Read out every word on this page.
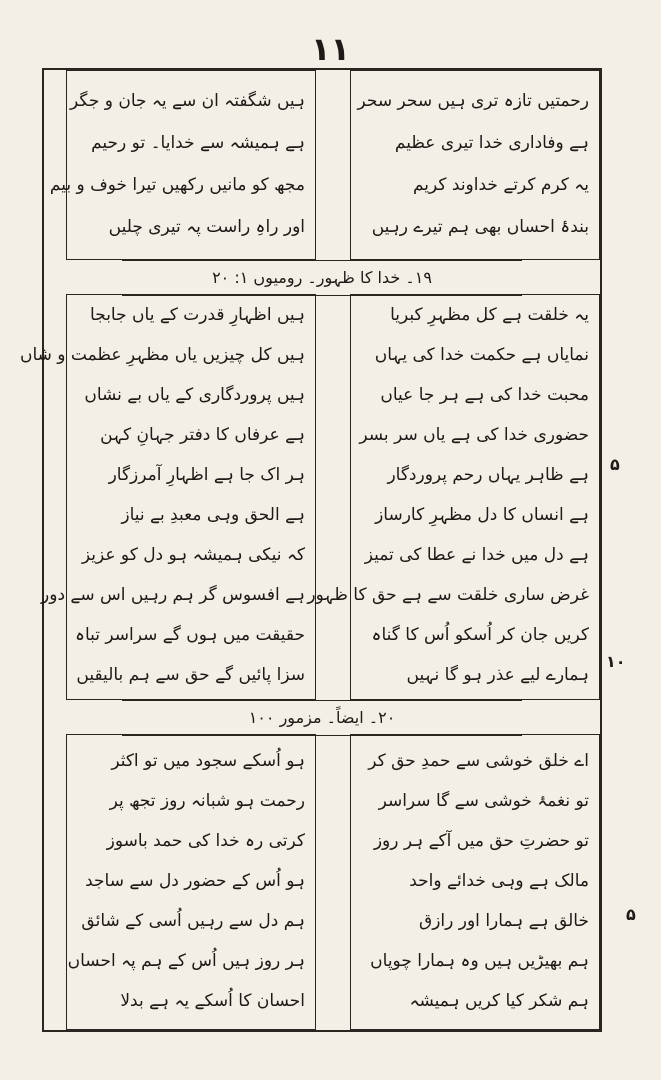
۱۱
رحمتیں تازہ تری ہیں سحر سحر
ہے وفاداری خدا تیری عظیم
یہ کرم کرتے خداوند کریم
بندۂ احساں بھی ہم تیرے رہیں
ہیں شگفتہ ان سے یہ جان و جگر
ہے ہمیشہ سے خدایا۔ تو رحیم
مجھ کو مانیں رکھیں تیرا خوف و بیم
اور راہِ راست پہ تیری چلیں
۱۹۔ خدا کا ظہور۔ رومیوں ۱: ۲۰
یہ خلقت ہے کل مظہرِ کبریا
نمایاں ہے حکمت خدا کی یہاں
محبت خدا کی ہے ہر جا عیاں
حضوری خدا کی ہے یاں سر بسر
ہے ظاہر یہاں رحم پروردگار
ہے انساں کا دل مظہرِ کارساز
ہے دل میں خدا نے عطا کی تمیز
غرض ساری خلقت سے ہے حق کا ظہور
کریں جان کر اُسکو اُس کا گناہ
ہمارے لیے عذر ہو گا نہیں
ہیں اظہارِ قدرت کے یاں جابجا
ہیں کل چیزیں یاں مظہرِ عظمت و شاں
ہیں پروردگاری کے یاں بے نشاں
ہے عرفاں کا دفتر جہانِ کہن
ہر اک جا ہے اظہارِ آمرزگار
ہے الحق وہی معبدِ بے نیاز
کہ نیکی ہمیشہ ہو دل کو عزیز
ہے افسوس گر ہم رہیں اس سے دور
حقیقت میں ہوں گے سراسر تباہ
سزا پائیں گے حق سے ہم بالیقیں
۲۰۔ ایضاً۔ مزمور ۱۰۰
اے خلق خوشی سے حمدِ حق کر
تو نغمۂ خوشی سے گا سراسر
تو حضرتِ حق میں آکے ہر روز
مالک ہے وہی خدائے واحد
خالق ہے ہمارا اور رازق
ہم بھیڑیں ہیں وہ ہمارا چوپاں
ہم شکر کیا کریں ہمیشہ
ہو اُسکے سجود میں تو اکثر
رحمت ہو شبانہ روز تجھ پر
کرتی رہ خدا کی حمد باسوز
ہو اُس کے حضور دل سے ساجد
ہم دل سے رہیں اُسی کے شائق
ہر روز ہیں اُس کے ہم پہ احساں
احسان کا اُسکے یہ ہے بدلا
۵
۱۰
۵
